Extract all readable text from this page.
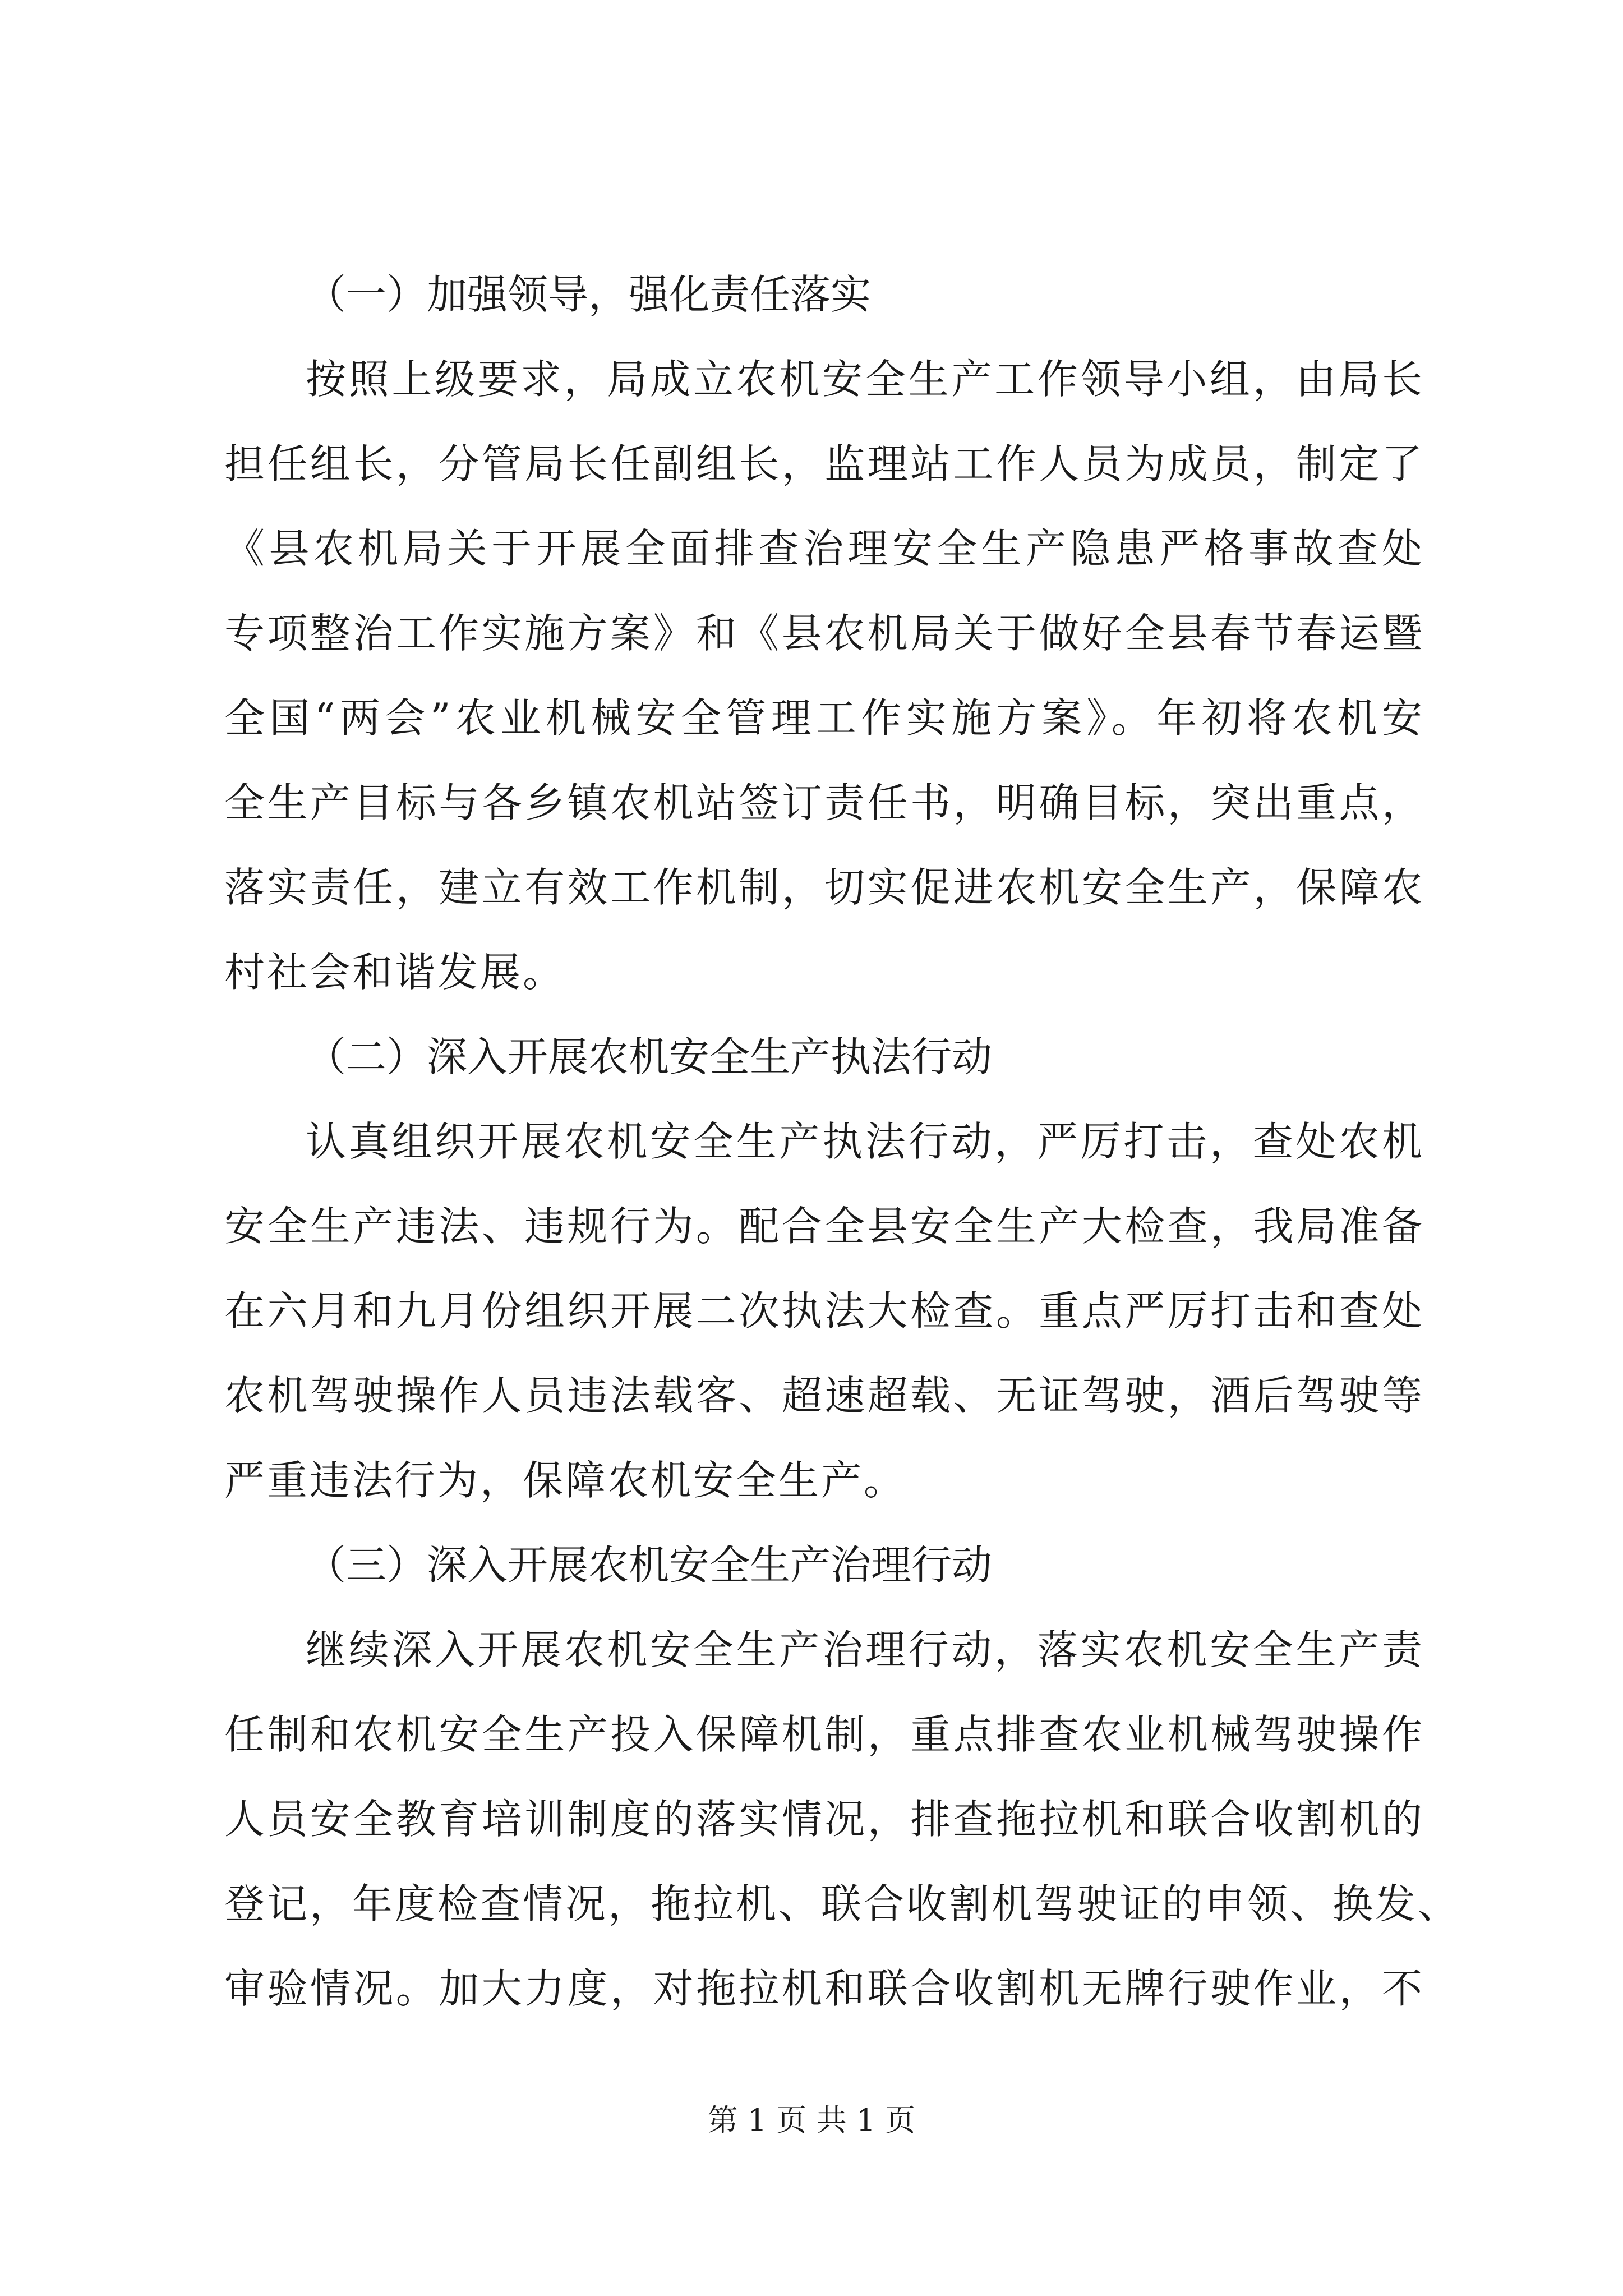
（一）加强领导，强化责任落实
按照上级要求，局成立农机安全生产工作领导小组，由局长
担任组长，分管局长任副组长，监理站工作人员为成员，制定了
《县农机局关于开展全面排查治理安全生产隐患严格事故查处
专项整治工作实施方案》和《县农机局关于做好全县春节春运暨
全国“两会”农业机械安全管理工作实施方案》。年初将农机安
全生产目标与各乡镇农机站签订责任书，明确目标，突出重点，
落实责任，建立有效工作机制，切实促进农机安全生产，保障农
村社会和谐发展。
（二）深入开展农机安全生产执法行动
认真组织开展农机安全生产执法行动，严厉打击，查处农机
安全生产违法、违规行为。配合全县安全生产大检查，我局准备
在六月和九月份组织开展二次执法大检查。重点严厉打击和查处
农机驾驶操作人员违法载客、超速超载、无证驾驶，酒后驾驶等
严重违法行为，保障农机安全生产。
（三）深入开展农机安全生产治理行动
继续深入开展农机安全生产治理行动，落实农机安全生产责
任制和农机安全生产投入保障机制，重点排查农业机械驾驶操作
人员安全教育培训制度的落实情况，排查拖拉机和联合收割机的
登记，年度检查情况，拖拉机、联合收割机驾驶证的申领、换发、
审验情况。加大力度，对拖拉机和联合收割机无牌行驶作业，不
第 1 页 共 1 页
